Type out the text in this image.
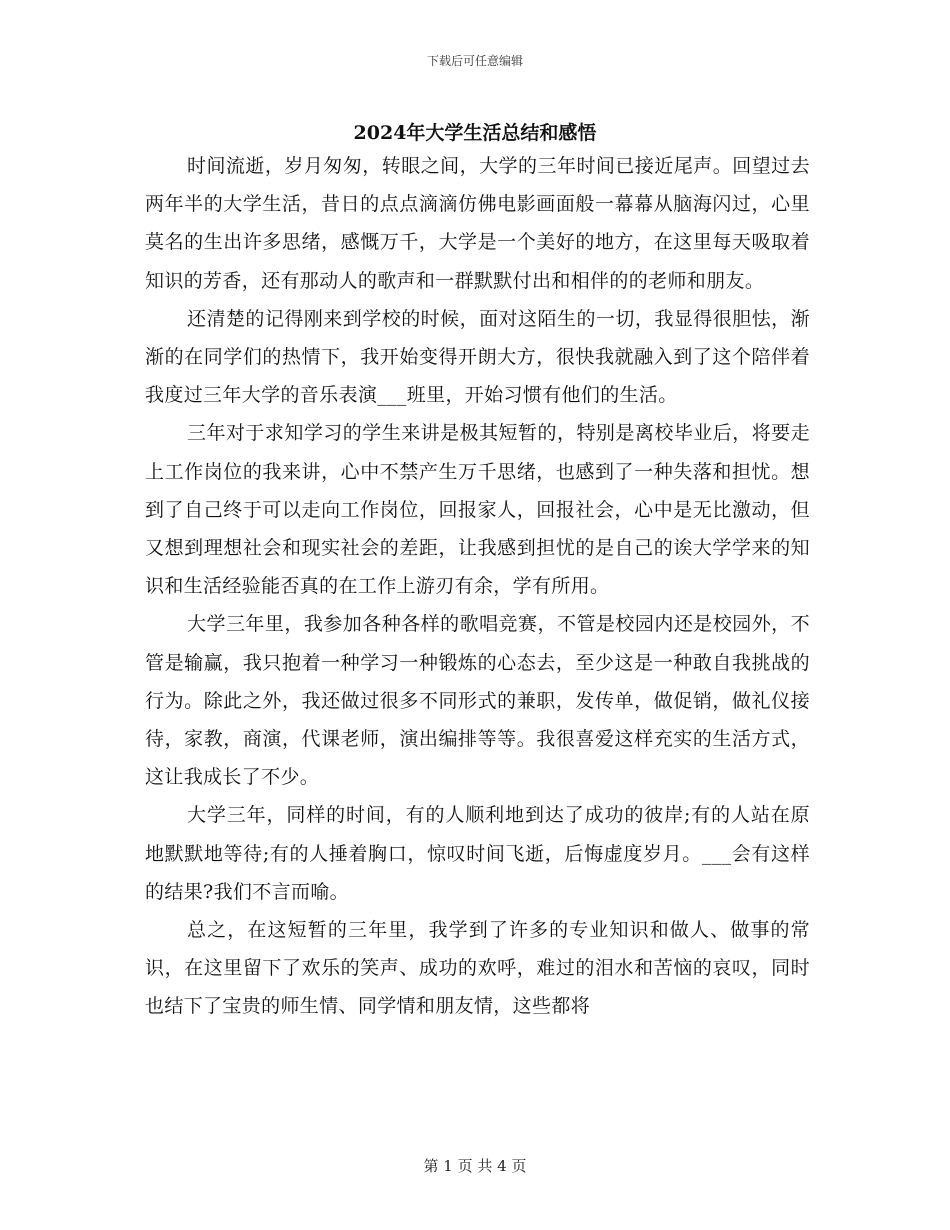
下载后可任意编辑
2024年大学生活总结和感悟

时间流逝，岁月匆匆，转眼之间，大学的三年时间已接近尾声。回望过去两年半的大学生活，昔日的点点滴滴仿佛电影画面般一幕幕从脑海闪过，心里莫名的生出许多思绪，感慨万千，大学是一个美好的地方，在这里每天吸取着知识的芳香，还有那动人的歌声和一群默默付出和相伴的的老师和朋友。

还清楚的记得刚来到学校的时候，面对这陌生的一切，我显得很胆怯，渐渐的在同学们的热情下，我开始变得开朗大方，很快我就融入到了这个陪伴着我度过三年大学的音乐表演___班里，开始习惯有他们的生活。

三年对于求知学习的学生来讲是极其短暂的，特别是离校毕业后，将要走上工作岗位的我来讲，心中不禁产生万千思绪，也感到了一种失落和担忧。想到了自己终于可以走向工作岗位，回报家人，回报社会，心中是无比激动，但又想到理想社会和现实社会的差距，让我感到担忧的是自己的诶大学学来的知识和生活经验能否真的在工作上游刃有余，学有所用。

大学三年里，我参加各种各样的歌唱竞赛，不管是校园内还是校园外，不管是输赢，我只抱着一种学习一种锻炼的心态去，至少这是一种敢自我挑战的行为。除此之外，我还做过很多不同形式的兼职，发传单，做促销，做礼仪接待，家教，商演，代课老师，演出编排等等。我很喜爱这样充实的生活方式，这让我成长了不少。

大学三年，同样的时间，有的人顺利地到达了成功的彼岸;有的人站在原地默默地等待;有的人捶着胸口，惊叹时间飞逝，后悔虚度岁月。___会有这样的结果?我们不言而喻。

总之，在这短暂的三年里，我学到了许多的专业知识和做人、做事的常识，在这里留下了欢乐的笑声、成功的欢呼，难过的泪水和苦恼的哀叹，同时也结下了宝贵的师生情、同学情和朋友情，这些都将

第 1 页 共 4 页
